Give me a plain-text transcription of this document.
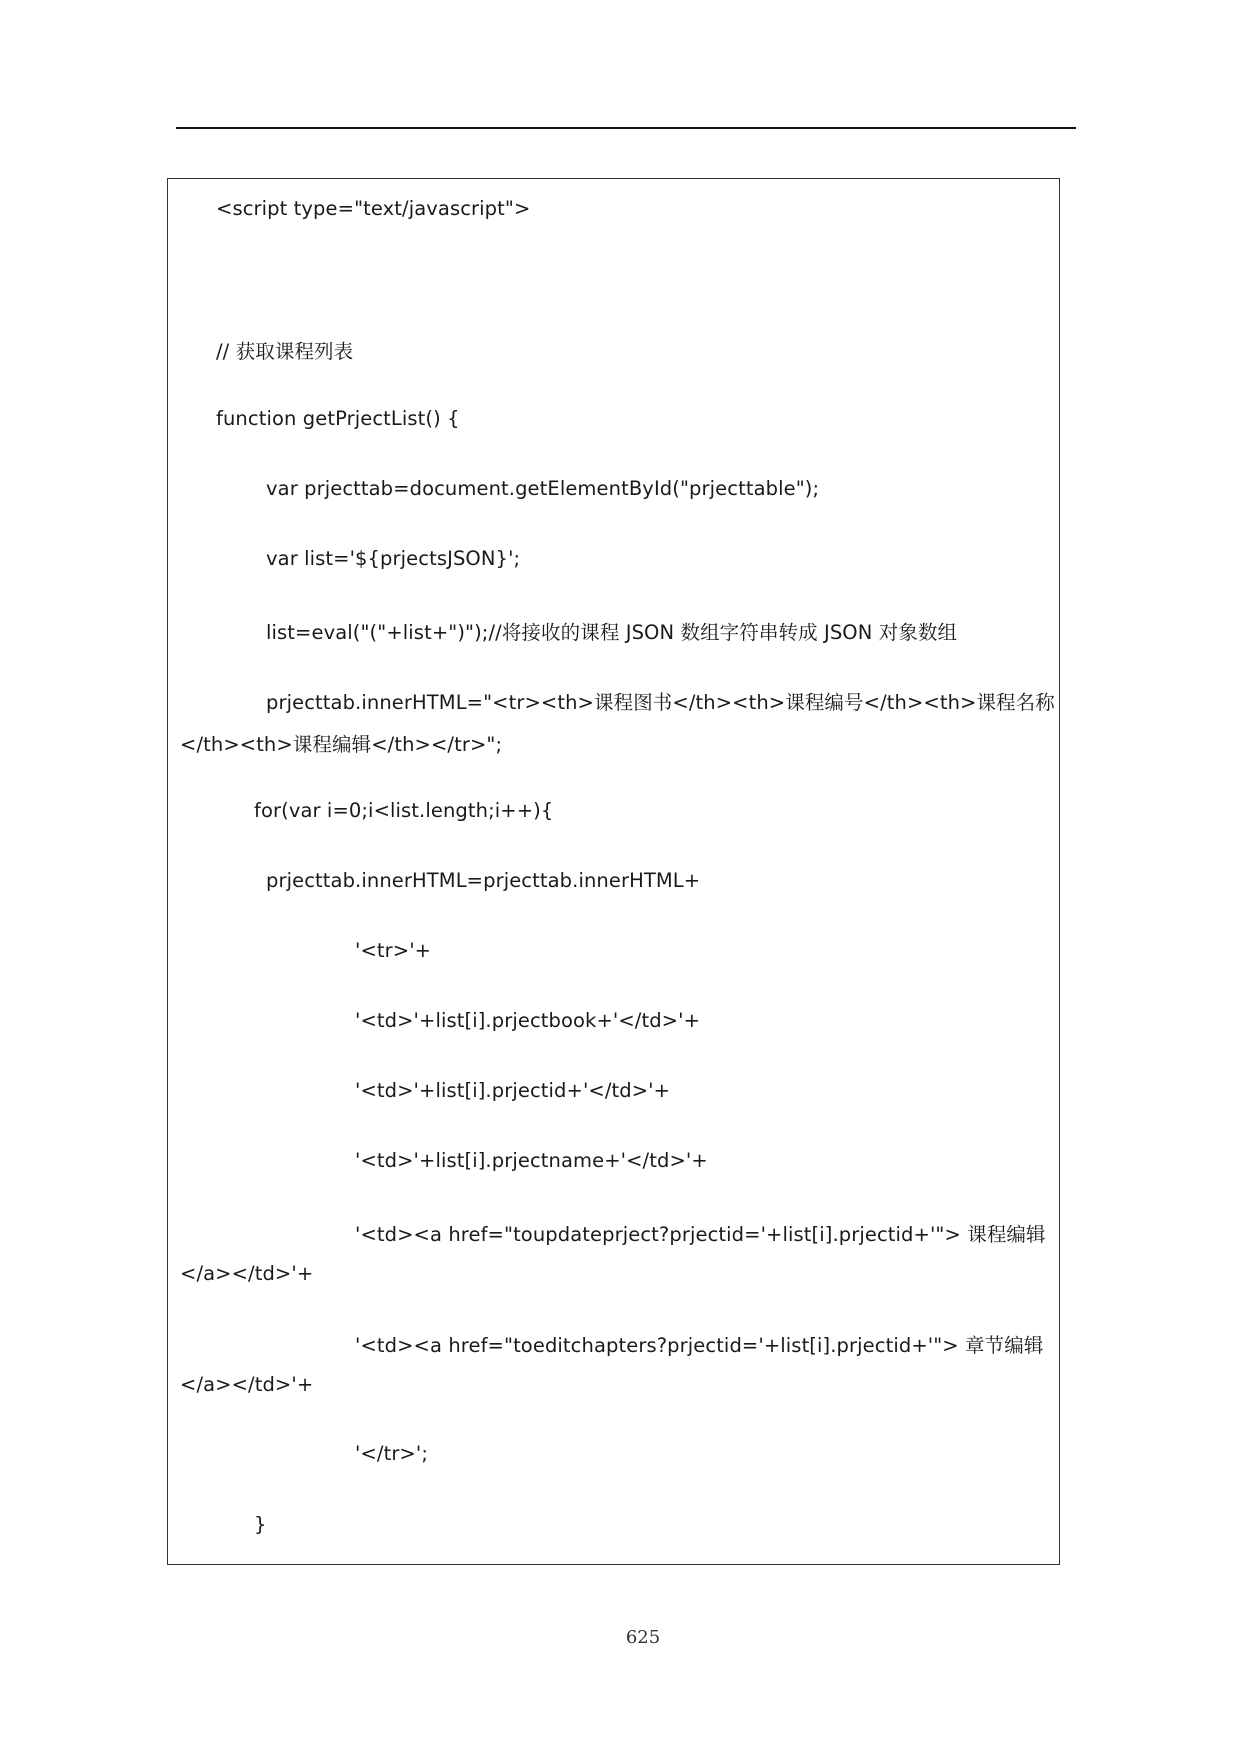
<script type="text/javascript">
// 获取课程列表
function getPrjectList() {
var prjecttab=document.getElementById("prjecttable");
var list='${prjectsJSON}';
list=eval("("+list+")");//将接收的课程 JSON 数组字符串转成 JSON 对象数组
prjecttab.innerHTML="<tr><th>课程图书</th><th>课程编号</th><th>课程名称
</th><th>课程编辑</th></tr>";
for(var i=0;i<list.length;i++){
prjecttab.innerHTML=prjecttab.innerHTML+
'<tr>'+
'<td>'+list[i].prjectbook+'</td>'+
'<td>'+list[i].prjectid+'</td>'+
'<td>'+list[i].prjectname+'</td>'+
'<td><a href="toupdateprject?prjectid='+list[i].prjectid+'"> 课程编辑
</a></td>'+
'<td><a href="toeditchapters?prjectid='+list[i].prjectid+'"> 章节编辑
</a></td>'+
'</tr>';
}
625
